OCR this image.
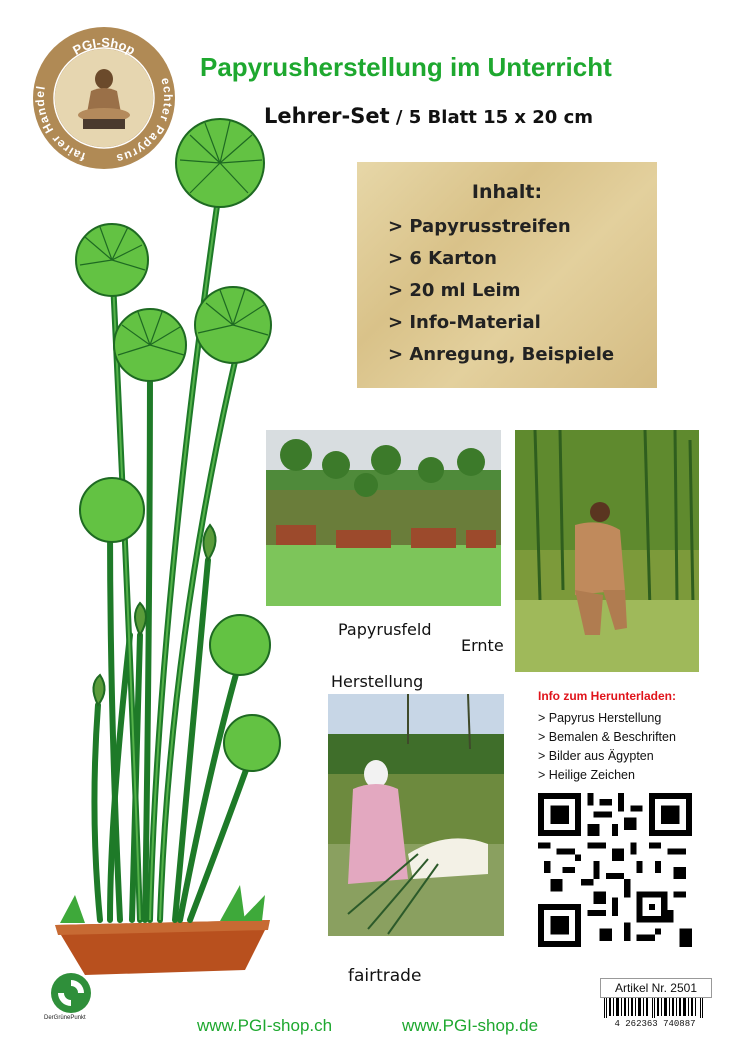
PGI-Shop
fairer Handel
echter Papyrus
Papyrusherstellung im Unterricht
Lehrer-Set / 5 Blatt 15 x 20 cm
Inhalt:
> Papyrusstreifen
> 6 Karton
> 20 ml Leim
> Info-Material
> Anregung, Beispiele
Papyrusfeld
Ernte
Herstellung
Info zum Herunterladen:
> Papyrus Herstellung
> Bemalen & Beschriften
> Bilder aus Ägypten
> Heilige Zeichen
DerGrünePunkt
fairtrade
Artikel Nr. 2501
4 262363 740887
www.PGI-shop.ch	www.PGI-shop.de
